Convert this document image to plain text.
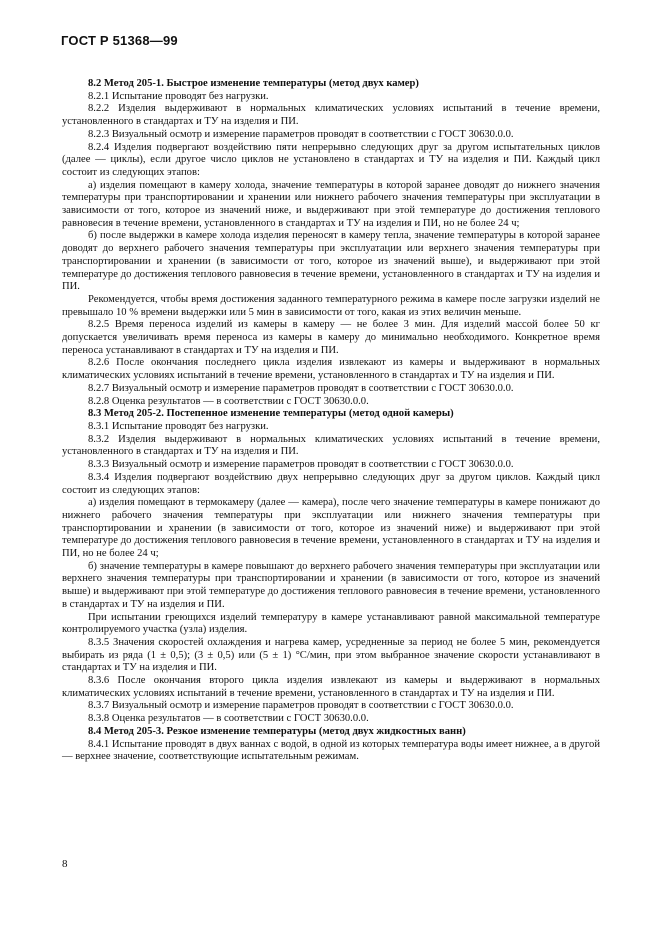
ГОСТ Р 51368—99

8.2 Метод 205-1. Быстрое изменение температуры (метод двух камер)

8.2.1 Испытание проводят без нагрузки.

8.2.2 Изделия выдерживают в нормальных климатических условиях испытаний в течение времени, установленного в стандартах и ТУ на изделия и ПИ.

8.2.3 Визуальный осмотр и измерение параметров проводят в соответствии с ГОСТ 30630.0.0.

8.2.4 Изделия подвергают воздействию пяти непрерывно следующих друг за другом испытательных циклов (далее — циклы), если другое число циклов не установлено в стандартах и ТУ на изделия и ПИ. Каждый цикл состоит из следующих этапов:

а) изделия помещают в камеру холода, значение температуры в которой заранее доводят до нижнего значения температуры при транспортировании и хранении или нижнего рабочего значения температуры при эксплуатации в зависимости от того, которое из значений ниже, и выдерживают при этой температуре до достижения теплового равновесия в течение времени, установленного в стандартах и ТУ на изделия и ПИ, но не более 24 ч;

б) после выдержки в камере холода изделия переносят в камеру тепла, значение температуры в которой заранее доводят до верхнего рабочего значения температуры при эксплуатации или верхнего значения температуры при транспортировании и хранении (в зависимости от того, которое из значений выше), и выдерживают при этой температуре до достижения теплового равновесия в течение времени, установленного в стандартах и ТУ на изделия и ПИ.

Рекомендуется, чтобы время достижения заданного температурного режима в камере после загрузки изделий не превышало 10 % времени выдержки или 5 мин в зависимости от того, какая из этих величин меньше.

8.2.5 Время переноса изделий из камеры в камеру — не более 3 мин. Для изделий массой более 50 кг допускается увеличивать время переноса из камеры в камеру до минимально необходимого. Конкретное время переноса устанавливают в стандартах и ТУ на изделия и ПИ.

8.2.6 После окончания последнего цикла изделия извлекают из камеры и выдерживают в нормальных климатических условиях испытаний в течение времени, установленного в стандартах и ТУ на изделия и ПИ.

8.2.7 Визуальный осмотр и измерение параметров проводят в соответствии с ГОСТ 30630.0.0.

8.2.8 Оценка результатов — в соответствии с ГОСТ 30630.0.0.

8.3 Метод 205-2. Постепенное изменение температуры (метод одной камеры)

8.3.1 Испытание проводят без нагрузки.

8.3.2 Изделия выдерживают в нормальных климатических условиях испытаний в течение времени, установленного в стандартах и ТУ на изделия и ПИ.

8.3.3 Визуальный осмотр и измерение параметров проводят в соответствии с ГОСТ 30630.0.0.

8.3.4 Изделия подвергают воздействию двух непрерывно следующих друг за другом циклов. Каждый цикл состоит из следующих этапов:

а) изделия помещают в термокамеру (далее — камера), после чего значение температуры в камере понижают до нижнего рабочего значения температуры при эксплуатации или нижнего значения температуры при транспортировании и хранении (в зависимости от того, которое из значений ниже) и выдерживают при этой температуре до достижения теплового равновесия в течение времени, установленного в стандартах и ТУ на изделия и ПИ, но не более 24 ч;

б) значение температуры в камере повышают до верхнего рабочего значения температуры при эксплуатации или верхнего значения температуры при транспортировании и хранении (в зависимости от того, которое из значений выше) и выдерживают при этой температуре до достижения теплового равновесия в течение времени, установленного в стандартах и ТУ на изделия и ПИ.

При испытании греющихся изделий температуру в камере устанавливают равной максимальной температуре контролируемого участка (узла) изделия.

8.3.5 Значения скоростей охлаждения и нагрева камер, усредненные за период не более 5 мин, рекомендуется выбирать из ряда (1 ± 0,5); (3 ± 0,5) или (5 ± 1) °С/мин, при этом выбранное значение скорости устанавливают в стандартах и ТУ на изделия и ПИ.

8.3.6 После окончания второго цикла изделия извлекают из камеры и выдерживают в нормальных климатических условиях испытаний в течение времени, установленного в стандартах и ТУ на изделия и ПИ.

8.3.7 Визуальный осмотр и измерение параметров проводят в соответствии с ГОСТ 30630.0.0.

8.3.8 Оценка результатов — в соответствии с ГОСТ 30630.0.0.

8.4 Метод 205-3. Резкое изменение температуры (метод двух жидкостных ванн)

8.4.1 Испытание проводят в двух ваннах с водой, в одной из которых температура воды имеет нижнее, а в другой — верхнее значение, соответствующие испытательным режимам.

8
